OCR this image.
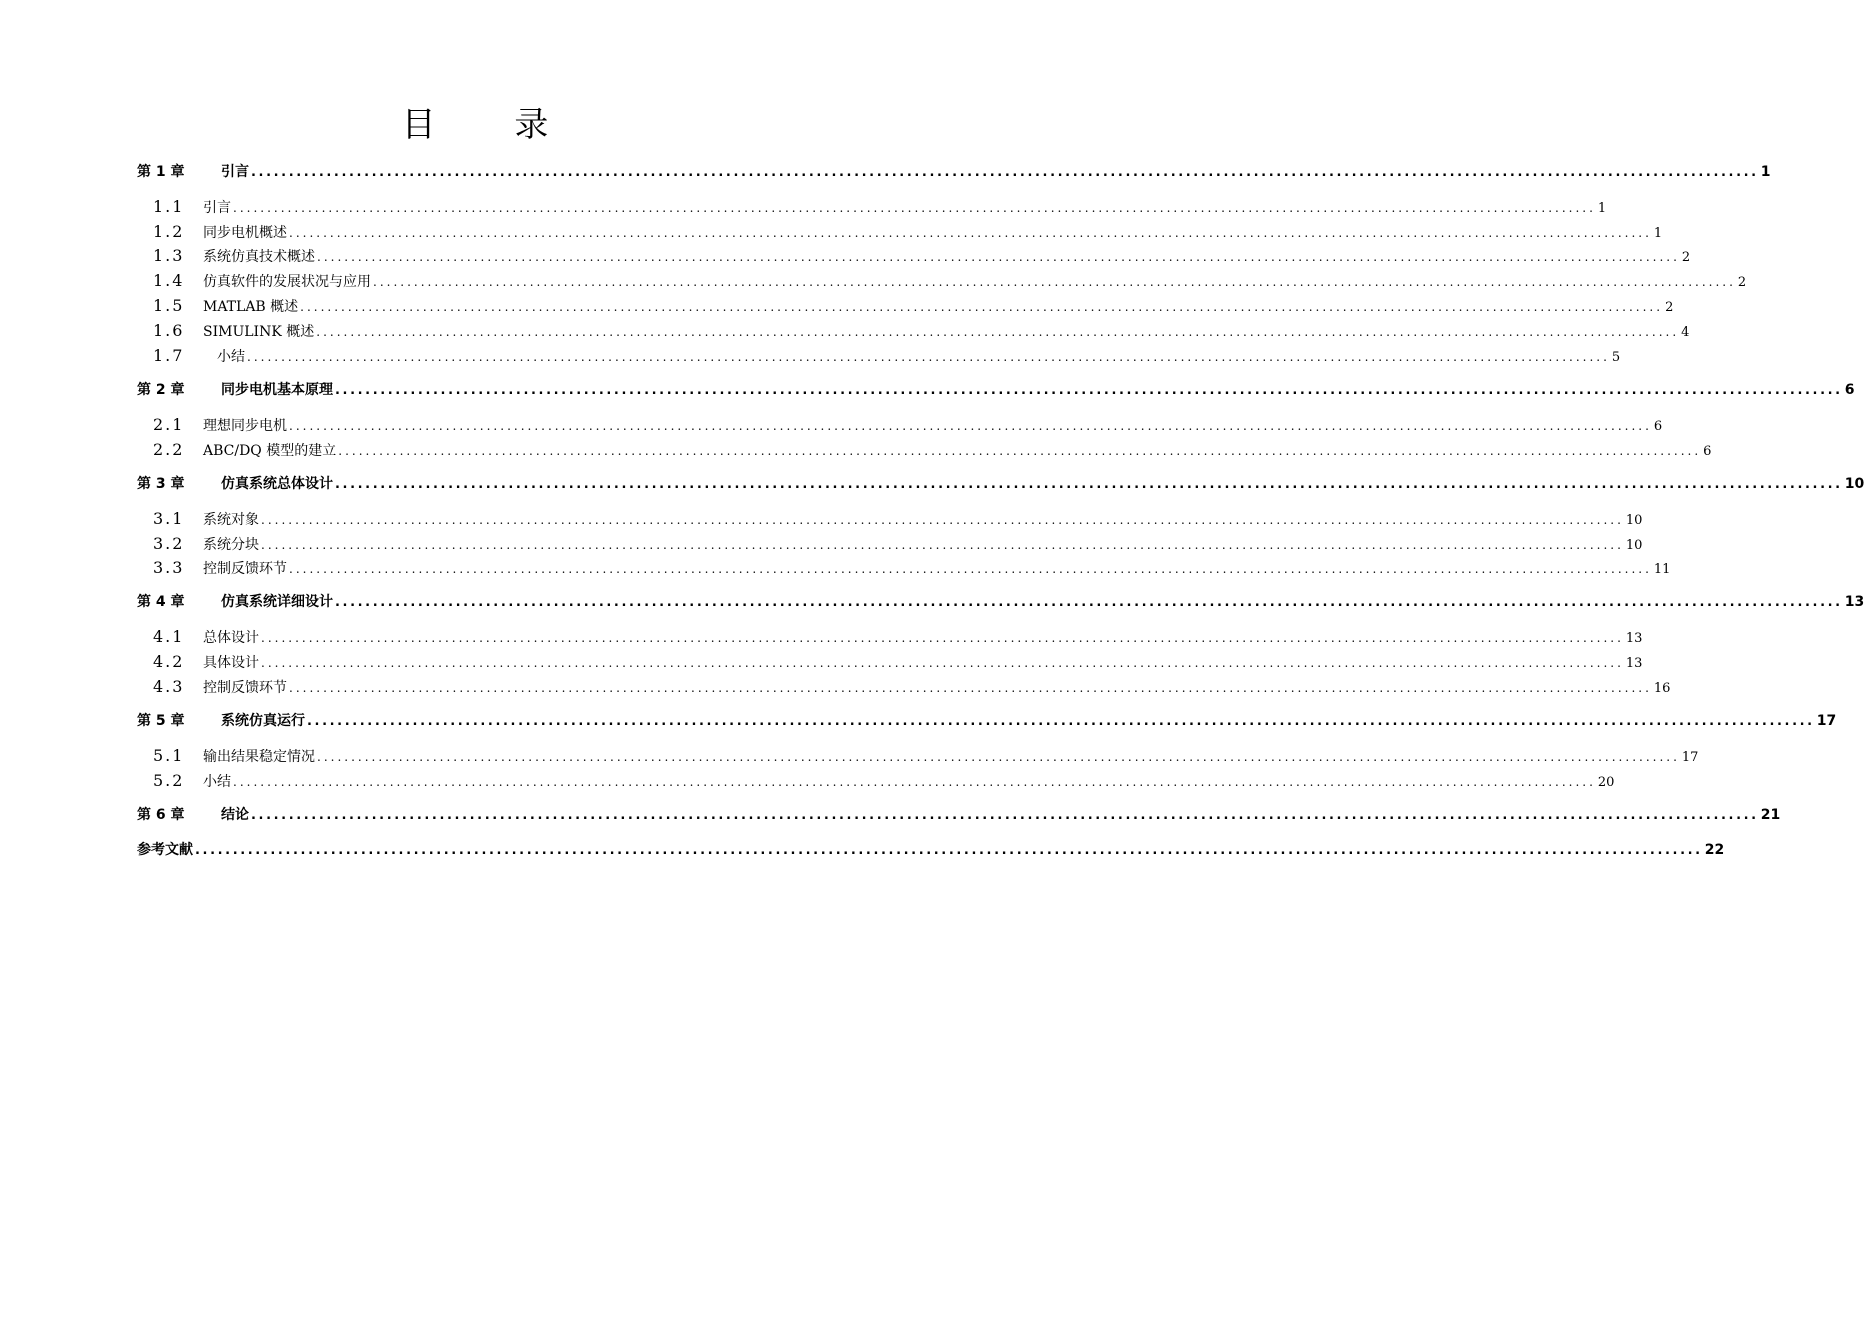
目 录
第 1 章	引言 ........................................................................................................................................................................................................ 1
1.1	引言 ........................................................................................................................................................................................................ 1
1.2	同步电机概述 ........................................................................................................................................................................................................ 1
1.3	系统仿真技术概述 ........................................................................................................................................................................................................ 2
1.4	仿真软件的发展状况与应用 ........................................................................................................................................................................................................ 2
1.5	MATLAB 概述 ........................................................................................................................................................................................................ 2
1.6	SIMULINK 概述 ........................................................................................................................................................................................................ 4
1.7	　小结 ........................................................................................................................................................................................................ 5
第 2 章	同步电机基本原理 ........................................................................................................................................................................................................ 6
2.1	理想同步电机 ........................................................................................................................................................................................................ 6
2.2	ABC/DQ 模型的建立 ........................................................................................................................................................................................................ 6
第 3 章	仿真系统总体设计 ........................................................................................................................................................................................................ 10
3.1	系统对象 ........................................................................................................................................................................................................ 10
3.2	系统分块 ........................................................................................................................................................................................................ 10
3.3	控制反馈环节 ........................................................................................................................................................................................................ 11
第 4 章	仿真系统详细设计 ........................................................................................................................................................................................................ 13
4.1	总体设计 ........................................................................................................................................................................................................ 13
4.2	具体设计 ........................................................................................................................................................................................................ 13
4.3	控制反馈环节 ........................................................................................................................................................................................................ 16
第 5 章	系统仿真运行 ........................................................................................................................................................................................................ 17
5.1	输出结果稳定情况 ........................................................................................................................................................................................................ 17
5.2	小结 ........................................................................................................................................................................................................ 20
第 6 章	结论 ........................................................................................................................................................................................................ 21
参考文献 ........................................................................................................................................................................................................ 22
